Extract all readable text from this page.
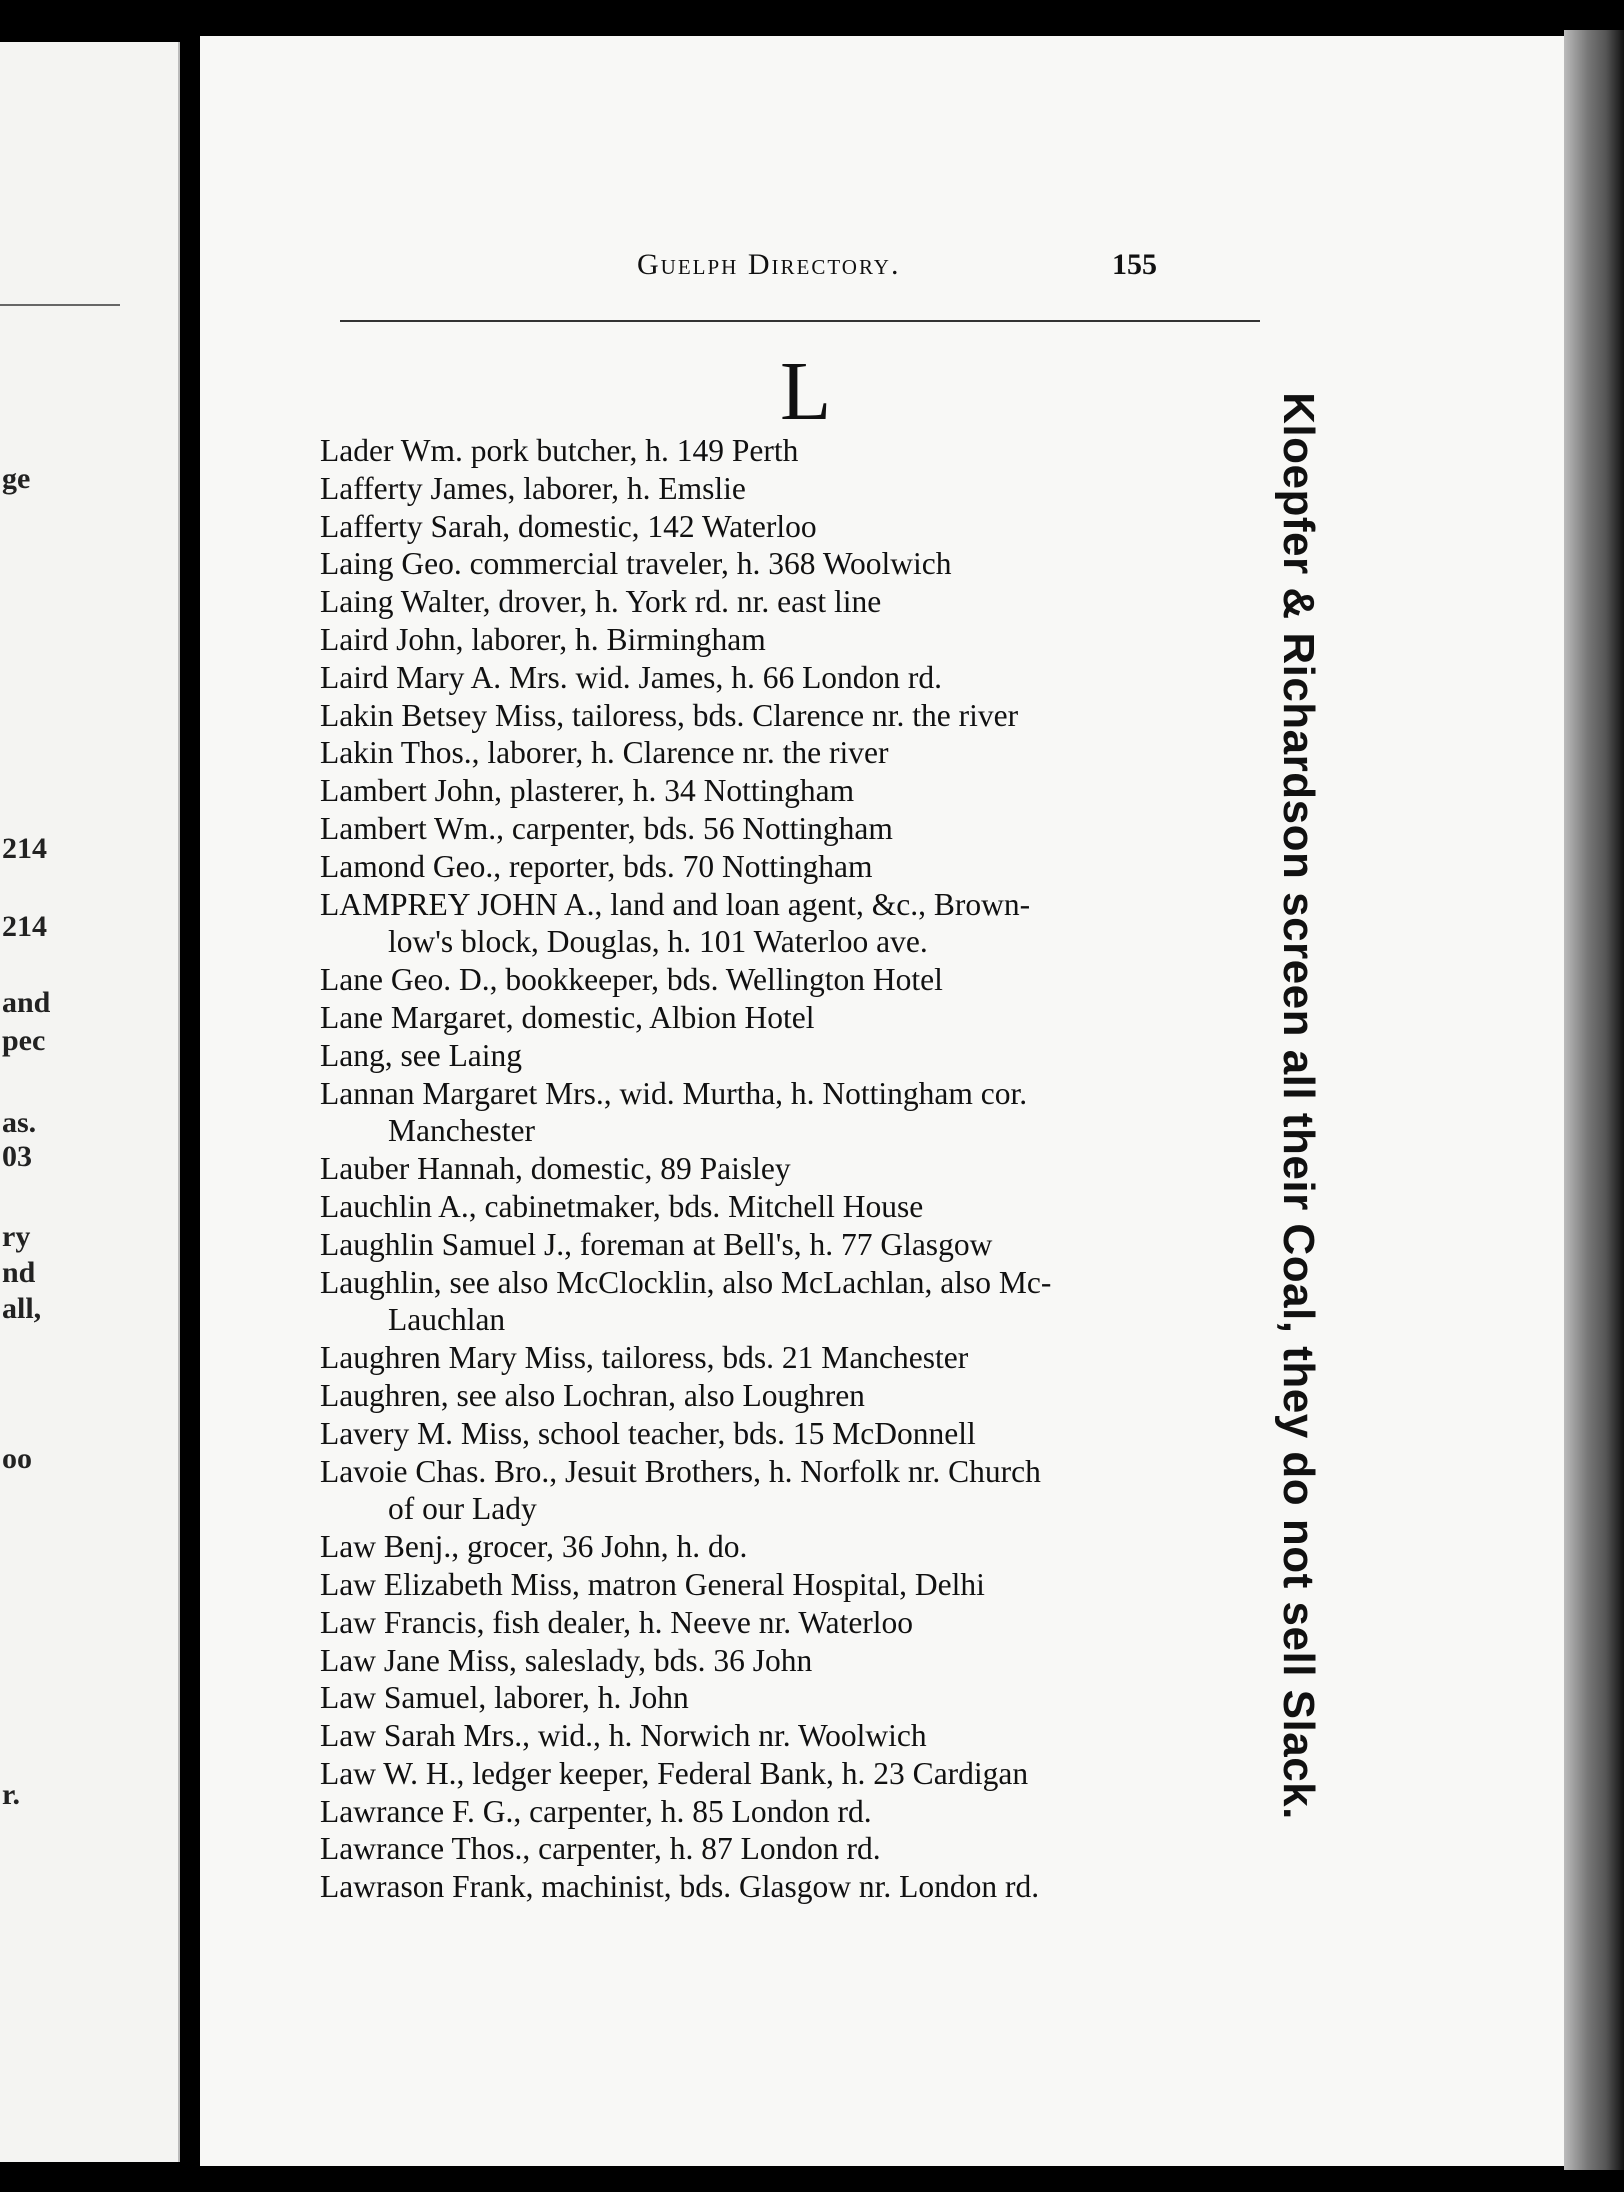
ge
214
214
and
pec
as.
03
ry
nd
all,
oo
r.
Guelph Directory.	155
L
Lader Wm. pork butcher, h. 149 Perth
Lafferty James, laborer, h. Emslie
Lafferty Sarah, domestic, 142 Waterloo
Laing Geo. commercial traveler, h. 368 Woolwich
Laing Walter, drover, h. York rd. nr. east line
Laird John, laborer, h. Birmingham
Laird Mary A. Mrs. wid. James, h. 66 London rd.
Lakin Betsey Miss, tailoress, bds. Clarence nr. the river
Lakin Thos., laborer, h. Clarence nr. the river
Lambert John, plasterer, h. 34 Nottingham
Lambert Wm., carpenter, bds. 56 Nottingham
Lamond Geo., reporter, bds. 70 Nottingham
LAMPREY JOHN A., land and loan agent, &c., Brown-
low's block, Douglas, h. 101 Waterloo ave.
Lane Geo. D., bookkeeper, bds. Wellington Hotel
Lane Margaret, domestic, Albion Hotel
Lang, see Laing
Lannan Margaret Mrs., wid. Murtha, h. Nottingham cor.
Manchester
Lauber Hannah, domestic, 89 Paisley
Lauchlin A., cabinetmaker, bds. Mitchell House
Laughlin Samuel J., foreman at Bell's, h. 77 Glasgow
Laughlin, see also McClocklin, also McLachlan, also Mc-
Lauchlan
Laughren Mary Miss, tailoress, bds. 21 Manchester
Laughren, see also Lochran, also Loughren
Lavery M. Miss, school teacher, bds. 15 McDonnell
Lavoie Chas. Bro., Jesuit Brothers, h. Norfolk nr. Church
of our Lady
Law Benj., grocer, 36 John, h. do.
Law Elizabeth Miss, matron General Hospital, Delhi
Law Francis, fish dealer, h. Neeve nr. Waterloo
Law Jane Miss, saleslady, bds. 36 John
Law Samuel, laborer, h. John
Law Sarah Mrs., wid., h. Norwich nr. Woolwich
Law W. H., ledger keeper, Federal Bank, h. 23 Cardigan
Lawrance F. G., carpenter, h. 85 London rd.
Lawrance Thos., carpenter, h. 87 London rd.
Lawrason Frank, machinist, bds. Glasgow nr. London rd.
Kloepfer & Richardson screen all their Coal, they do not sell Slack.
